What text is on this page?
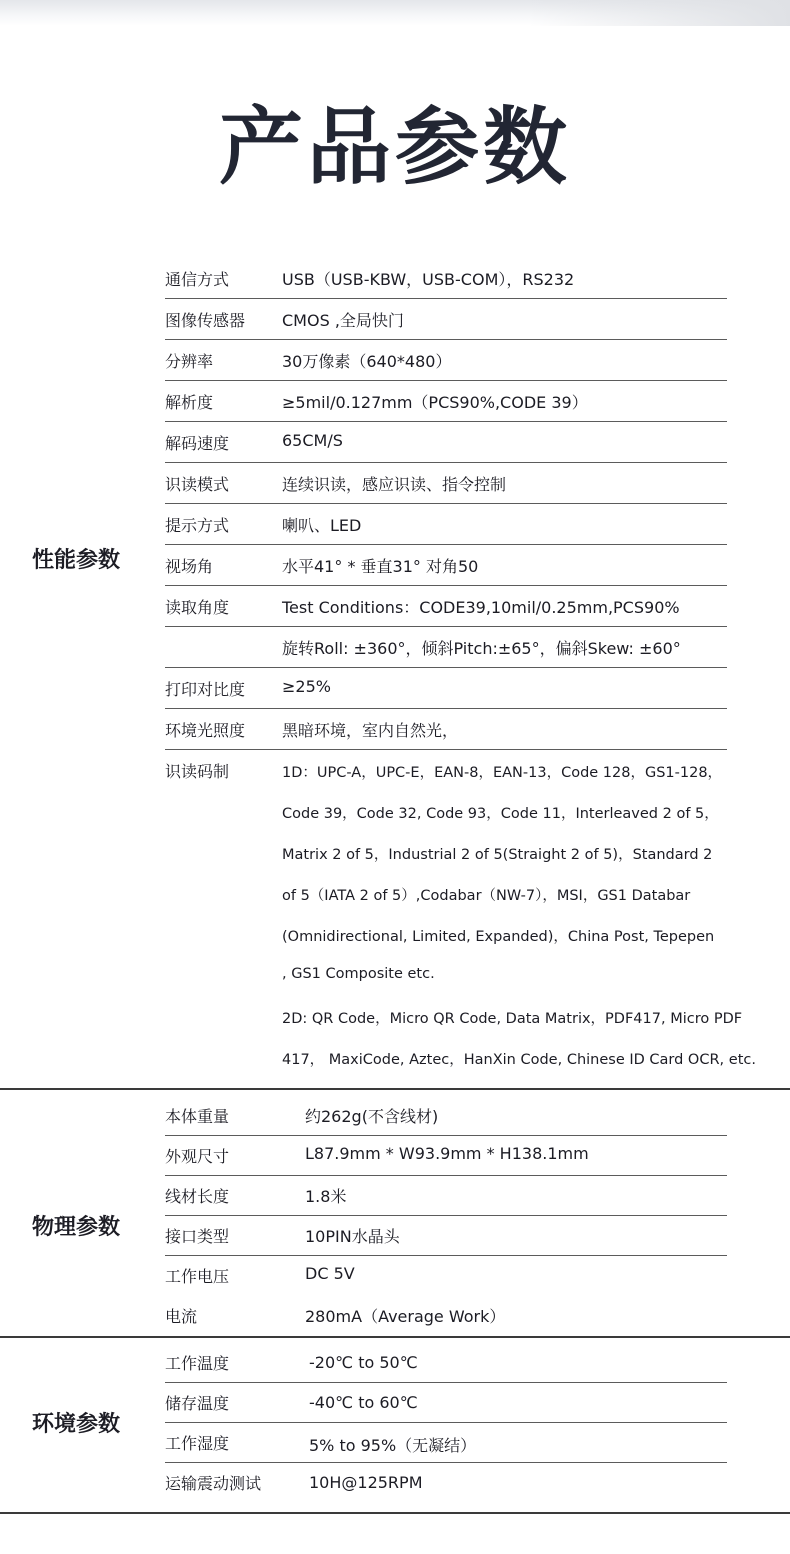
产品参数
性能参数
通信方式	USB（USB-KBW，USB-COM），RS232
图像传感器 CMOS ,全局快门
分辨率	30万像素（640*480）
解析度	≥5mil/0.127mm（PCS90%,CODE 39）
解码速度	65CM/S
识读模式	连续识读，感应识读、指令控制
提示方式	喇叭、LED
视场角	水平41° * 垂直31° 对角50
读取角度	Test Conditions：CODE39,10mil/0.25mm,PCS90%
旋转Roll: ±360°，倾斜Pitch:±65°，偏斜Skew: ±60°
打印对比度 ≥25%
环境光照度 黑暗环境，室内自然光，
识读码制	1D：UPC-A，UPC-E，EAN-8，EAN-13，Code 128，GS1-128，
Code 39，Code 32, Code 93，Code 11，Interleaved 2 of 5，
Matrix 2 of 5，Industrial 2 of 5(Straight 2 of 5)，Standard 2
of 5（IATA 2 of 5）,Codabar（NW-7），MSI，GS1 Databar
(Omnidirectional, Limited, Expanded)，China Post, Tepepen
, GS1 Composite etc.
2D: QR Code，Micro QR Code, Data Matrix，PDF417, Micro PDF
417， MaxiCode, Aztec，HanXin Code, Chinese ID Card OCR, etc.
物理参数
本体重量	约262g(不含线材)
外观尺寸	L87.9mm * W93.9mm * H138.1mm
线材长度	1.8米
接口类型	10PIN水晶头
工作电压	DC 5V
电流	280mA（Average Work）
环境参数
工作温度	-20℃ to 50℃
储存温度	-40℃ to 60℃
工作湿度	5% to 95%（无凝结）
运输震动测试	10H@125RPM
